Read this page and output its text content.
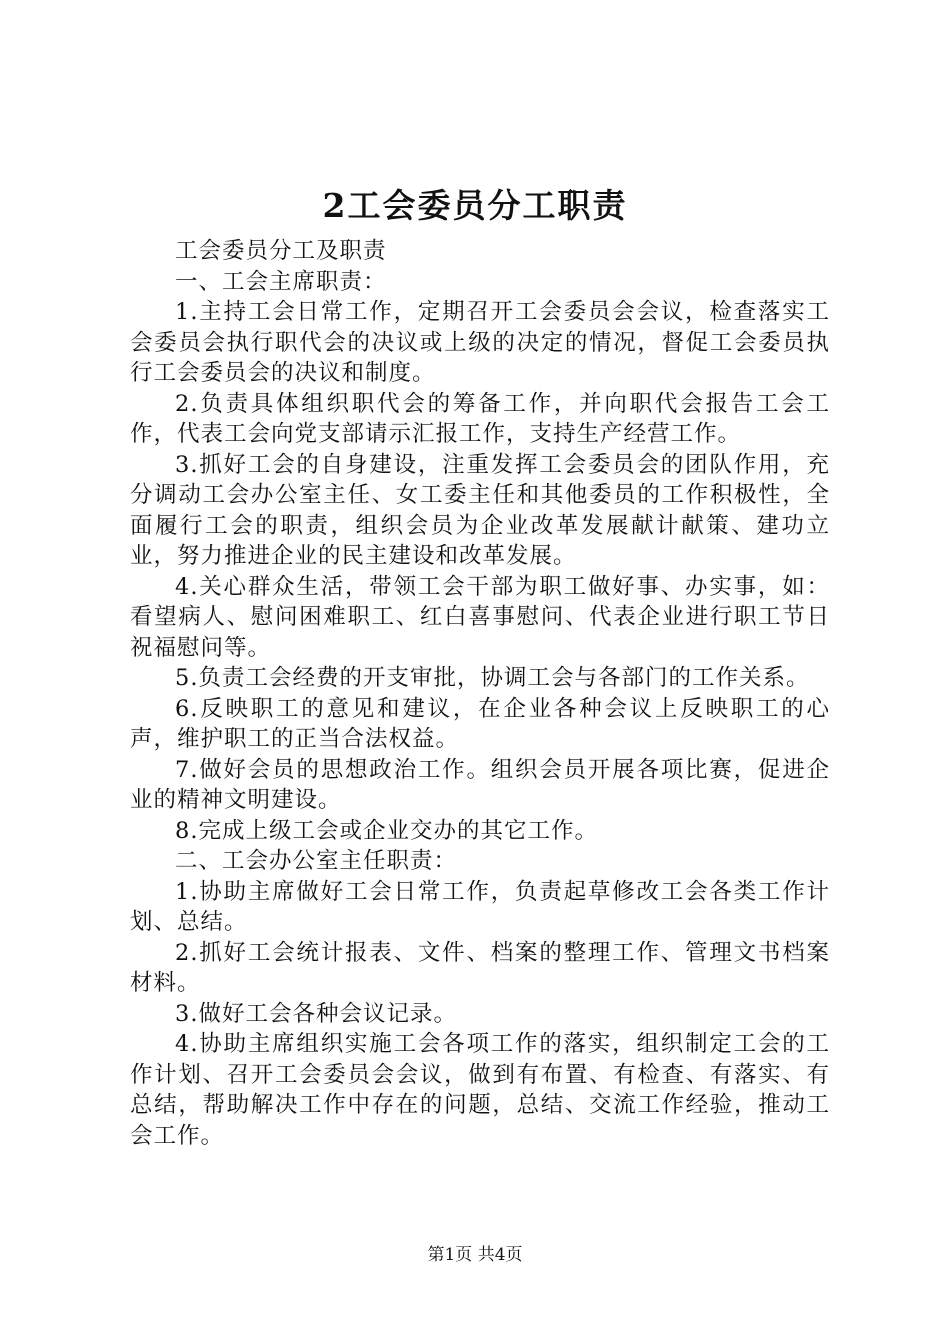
2工会委员分工职责

工会委员分工及职责

一、工会主席职责：

1.主持工会日常工作，定期召开工会委员会会议，检查落实工会委员会执行职代会的决议或上级的决定的情况，督促工会委员执行工会委员会的决议和制度。

2.负责具体组织职代会的筹备工作，并向职代会报告工会工作，代表工会向党支部请示汇报工作，支持生产经营工作。

3.抓好工会的自身建设，注重发挥工会委员会的团队作用，充分调动工会办公室主任、女工委主任和其他委员的工作积极性，全面履行工会的职责，组织会员为企业改革发展献计献策、建功立业，努力推进企业的民主建设和改革发展。

4.关心群众生活，带领工会干部为职工做好事、办实事，如：看望病人、慰问困难职工、红白喜事慰问、代表企业进行职工节日祝福慰问等。

5.负责工会经费的开支审批，协调工会与各部门的工作关系。

6.反映职工的意见和建议，在企业各种会议上反映职工的心声，维护职工的正当合法权益。

7.做好会员的思想政治工作。组织会员开展各项比赛，促进企业的精神文明建设。

8.完成上级工会或企业交办的其它工作。

二、工会办公室主任职责：

1.协助主席做好工会日常工作，负责起草修改工会各类工作计划、总结。

2.抓好工会统计报表、文件、档案的整理工作、管理文书档案材料。

3.做好工会各种会议记录。

4.协助主席组织实施工会各项工作的落实，组织制定工会的工作计划、召开工会委员会会议，做到有布置、有检查、有落实、有总结，帮助解决工作中存在的问题，总结、交流工作经验，推动工会工作。

第1页 共4页
